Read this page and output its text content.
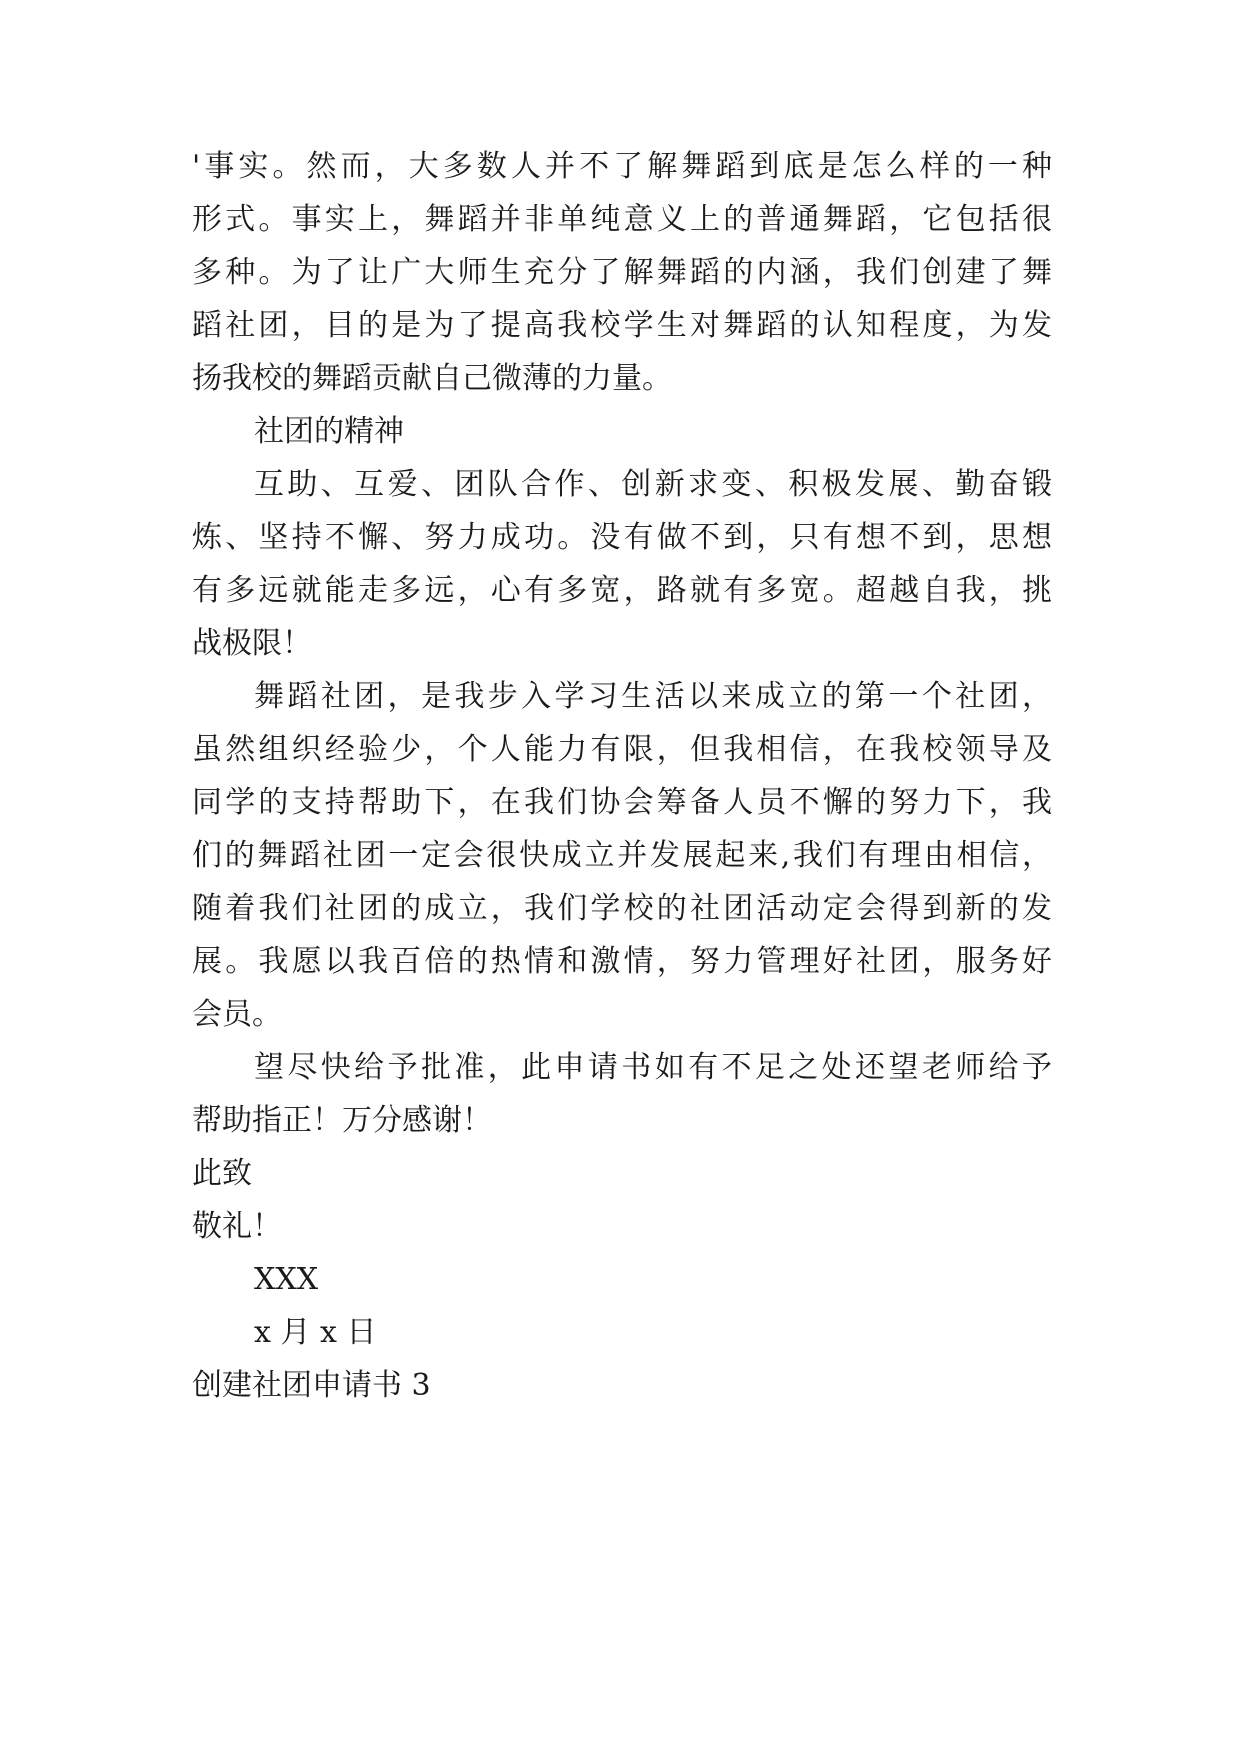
'事实。然而，大多数人并不了解舞蹈到底是怎么样的一种
形式。事实上，舞蹈并非单纯意义上的普通舞蹈，它包括很
多种。为了让广大师生充分了解舞蹈的内涵，我们创建了舞
蹈社团，目的是为了提高我校学生对舞蹈的认知程度，为发
扬我校的舞蹈贡献自己微薄的力量。
社团的精神
互助、互爱、团队合作、创新求变、积极发展、勤奋锻
炼、坚持不懈、努力成功。没有做不到，只有想不到，思想
有多远就能走多远，心有多宽，路就有多宽。超越自我，挑
战极限！
舞蹈社团，是我步入学习生活以来成立的第一个社团，
虽然组织经验少，个人能力有限，但我相信，在我校领导及
同学的支持帮助下，在我们协会筹备人员不懈的努力下，我
们的舞蹈社团一定会很快成立并发展起来,我们有理由相信，
随着我们社团的成立，我们学校的社团活动定会得到新的发
展。我愿以我百倍的热情和激情，努力管理好社团，服务好
会员。
望尽快给予批准，此申请书如有不足之处还望老师给予
帮助指正！万分感谢！
此致
敬礼！
XXX
x 月 x 日
创建社团申请书 3
